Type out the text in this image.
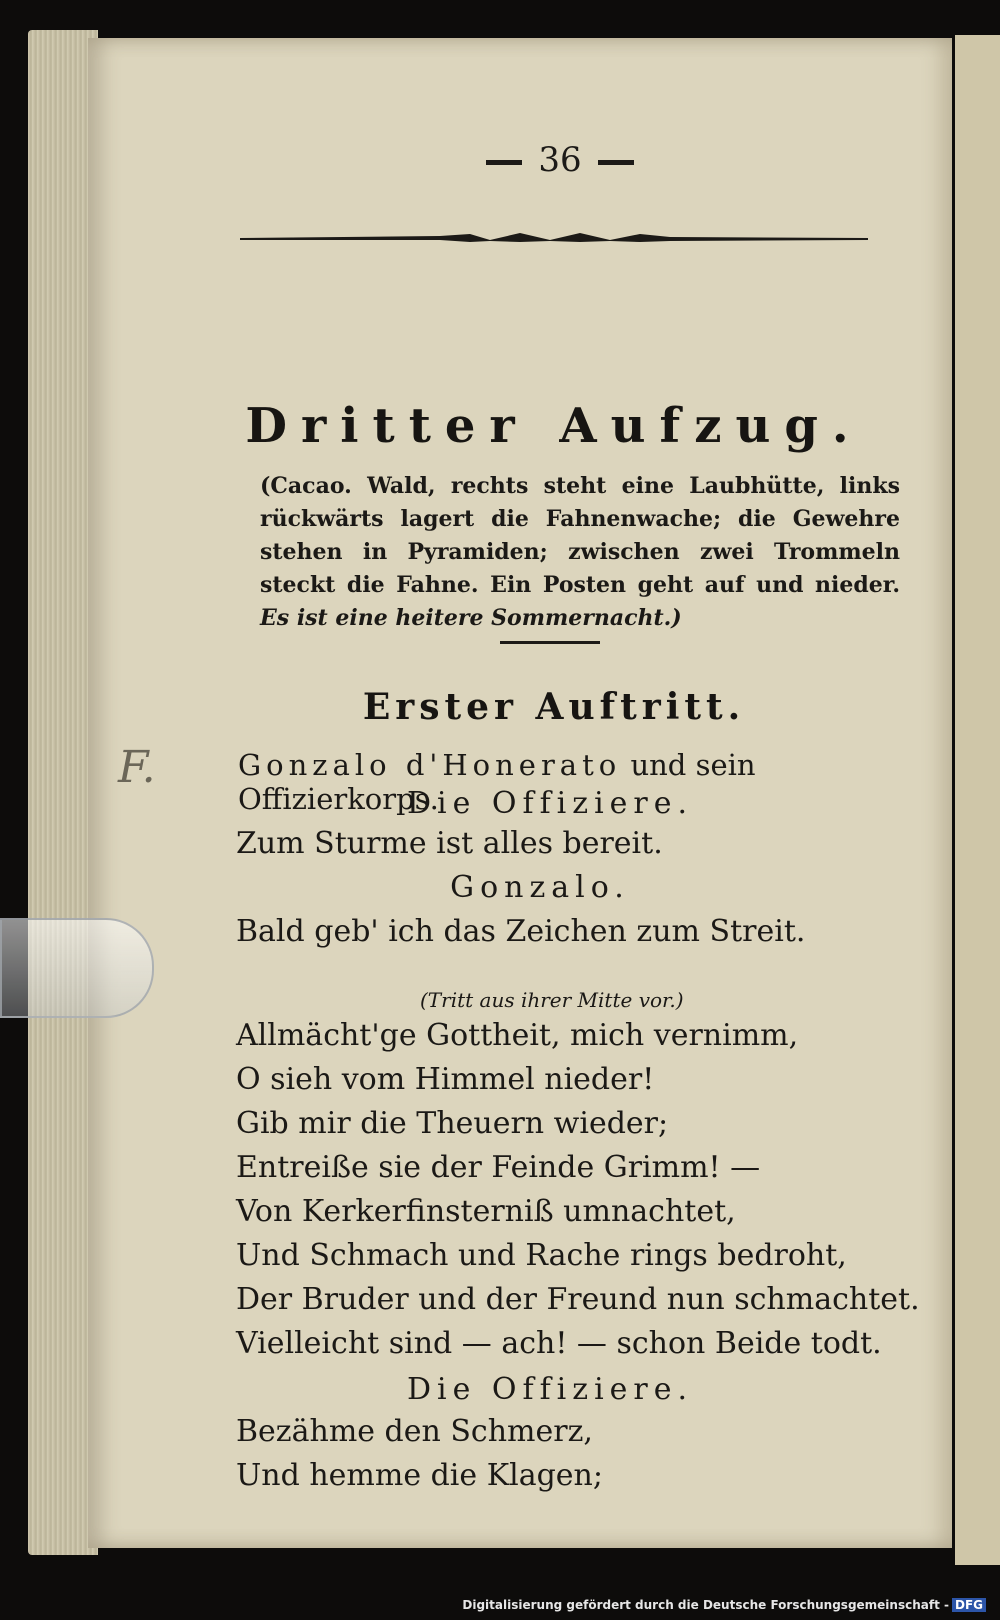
36
Dritter Aufzug.
(Cacao. Wald, rechts steht eine Laubhütte, links rückwärts lagert die Fahnenwache; die Gewehre stehen in Pyramiden; zwischen zwei Trommeln steckt die Fahne. Ein Posten geht auf und nieder. Es ist eine heitere Sommernacht.)
Erster Auftritt.
F.	Gonzalo d'Honerato und sein Offizierkorps.
Die Offiziere.
Zum Sturme ist alles bereit.
Gonzalo.
Bald geb' ich das Zeichen zum Streit.
(Tritt aus ihrer Mitte vor.)
Allmächt'ge Gottheit, mich vernimm,
O sieh vom Himmel nieder!
Gib mir die Theuern wieder;
Entreiße sie der Feinde Grimm! —
Von Kerkerfinsterniß umnachtet,
Und Schmach und Rache rings bedroht,
Der Bruder und der Freund nun schmachtet.
Vielleicht sind — ach! — schon Beide todt.
Die Offiziere.
Bezähme den Schmerz,
Und hemme die Klagen;
Digitalisierung gefördert durch die Deutsche Forschungsgemeinschaft - DFG
